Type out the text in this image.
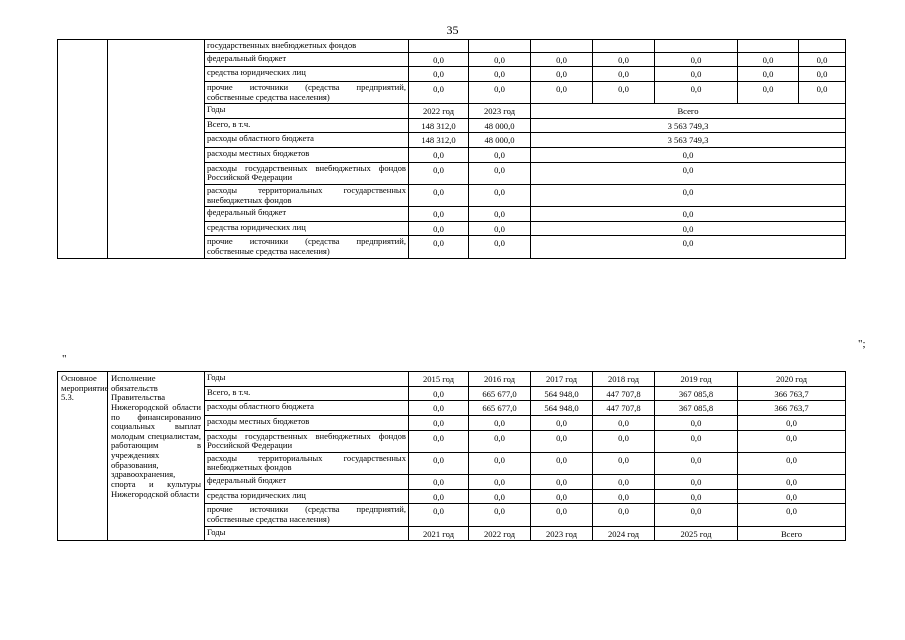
35
		государственных внебюджетных фондов							
		федеральный бюджет	0,0	0,0	0,0	0,0	0,0	0,0	0,0
		средства юридических лиц	0,0	0,0	0,0	0,0	0,0	0,0	0,0
		прочие источники (средства предприятий, собственные средства населения)	0,0	0,0	0,0	0,0	0,0	0,0	0,0
		Годы	2022 год	2023 год	Всего				
		Всего, в т.ч.	148 312,0	48 000,0	3 563 749,3				
		расходы областного бюджета	148 312,0	48 000,0	3 563 749,3				
		расходы местных бюджетов	0,0	0,0	0,0				
		расходы государственных внебюджетных фондов Российской Федерации	0,0	0,0	0,0				
		расходы территориальных государственных внебюджетных фондов	0,0	0,0	0,0				
		федеральный бюджет	0,0	0,0	0,0				
		средства юридических лиц	0,0	0,0	0,0				
		прочие источники (средства предприятий, собственные средства населения)	0,0	0,0	0,0				
";
"
Основное мероприятие 5.3.	Исполнение обязательств Правительства Нижегородской области по финансированию социальных выплат молодым специалистам, работающим в учреждениях образования, здравоохранения, спорта и культуры Нижегородской области	Годы	2015 год	2016 год	2017 год	2018 год	2019 год	2020 год
		Всего, в т.ч.	0,0	665 677,0	564 948,0	447 707,8	367 085,8	366 763,7
		расходы областного бюджета	0,0	665 677,0	564 948,0	447 707,8	367 085,8	366 763,7
		расходы местных бюджетов	0,0	0,0	0,0	0,0	0,0	0,0
		расходы государственных внебюджетных фондов Российской Федерации	0,0	0,0	0,0	0,0	0,0	0,0
		расходы территориальных государственных внебюджетных фондов	0,0	0,0	0,0	0,0	0,0	0,0
		федеральный бюджет	0,0	0,0	0,0	0,0	0,0	0,0
		средства юридических лиц	0,0	0,0	0,0	0,0	0,0	0,0
		прочие источники (средства предприятий, собственные средства населения)	0,0	0,0	0,0	0,0	0,0	0,0
		Годы	2021 год	2022 год	2023 год	2024 год	2025 год	Всего
